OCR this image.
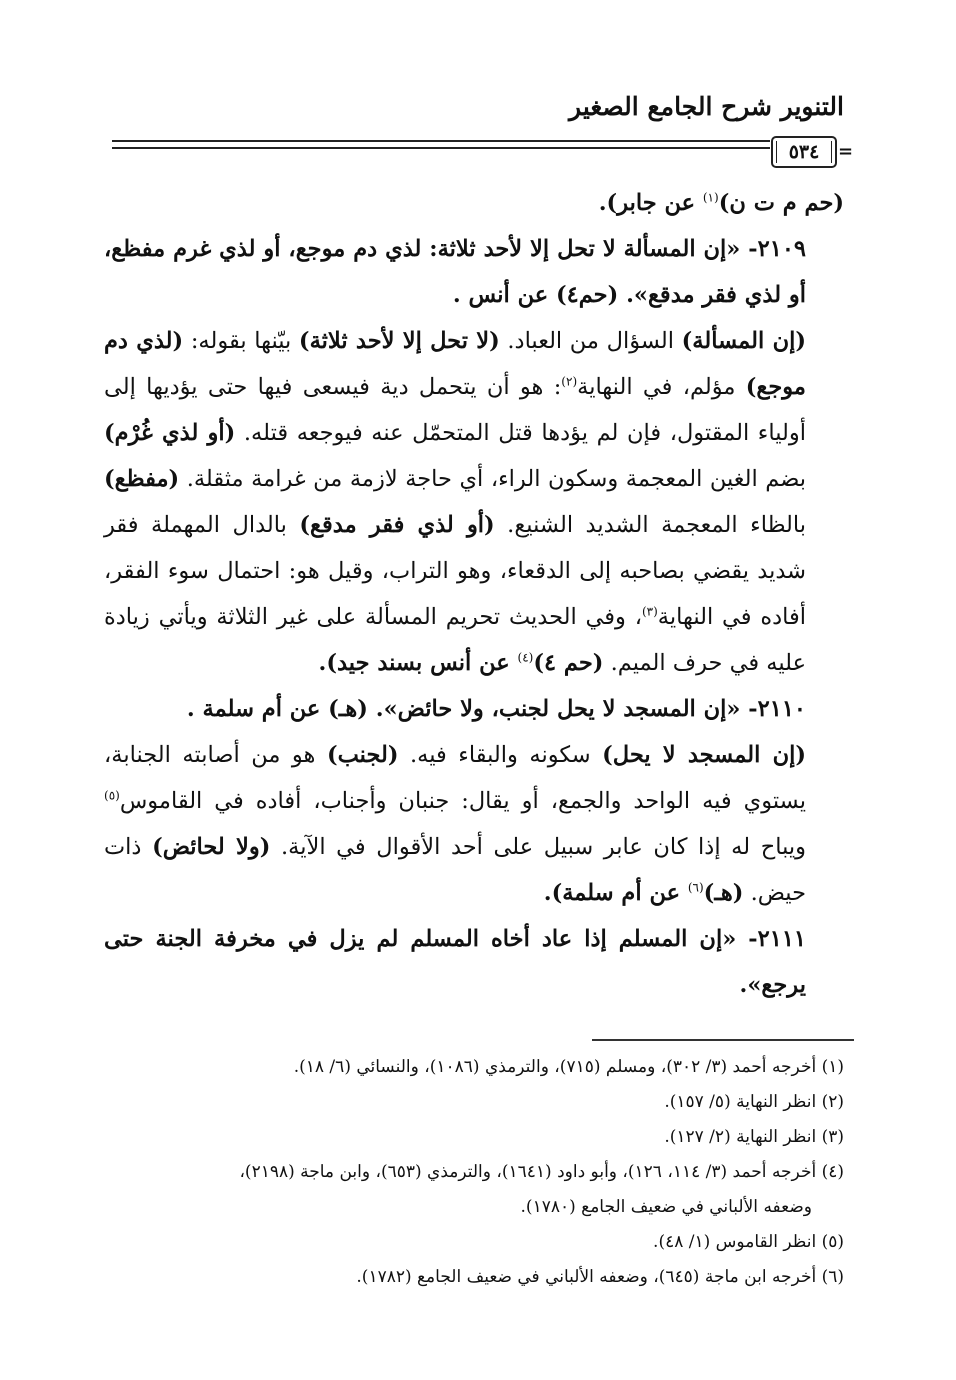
التنوير شرح الجامع الصغير
٥٣٤ =

(حم م ت ن)$^{(١)}$ عن جابر).

٢١٠٩- «إن المسألة لا تحل إلا لأحد ثلاثة: لذي دم موجع، أو لذي غرم مفظع، أو لذي فقر مدقع». (حم٤) عن أنس .

(إن المسألة) السؤال من العباد. (لا تحل إلا لأحد ثلاثة) بيّنها بقوله: (لذي دم موجع) مؤلم، في النهاية$^{(٢)}$: هو أن يتحمل دية فيسعى فيها حتى يؤديها إلى أولياء المقتول، فإن لم يؤدها قتل المتحمّل عنه فيوجعه قتله. (أو لذي غُرْم) بضم الغين المعجمة وسكون الراء، أي حاجة لازمة من غرامة مثقلة. (مفظع) بالظاء المعجمة الشديد الشنيع. (أو لذي فقر مدقع) بالدال المهملة فقر شديد يقضي بصاحبه إلى الدقعاء، وهو التراب، وقيل هو: احتمال سوء الفقر، أفاده في النهاية$^{(٣)}$، وفي الحديث تحريم المسألة على غير الثلاثة ويأتي زيادة عليه في حرف الميم. (حم ٤)$^{(٤)}$ عن أنس بسند جيد).

٢١١٠- «إن المسجد لا يحل لجنب، ولا حائض». (هـ) عن أم سلمة .

(إن المسجد لا يحل) سكونه والبقاء فيه. (لجنب) هو من أصابته الجنابة، يستوي فيه الواحد والجمع، أو يقال: جنبان وأجناب، أفاده في القاموس$^{(٥)}$ ويباح له إذا كان عابر سبيل على أحد الأقوال في الآية. (ولا لحائض) ذات حيض. (هـ)$^{(٦)}$ عن أم سلمة).

٢١١١- «إن المسلم إذا عاد أخاه المسلم لم يزل في مخرفة الجنة حتى يرجع».

(١) أخرجه أحمد (٣/ ٣٠٢)، ومسلم (٧١٥)، والترمذي (١٠٨٦)، والنسائي (٦/ ١٨).

(٢) انظر النهاية (٥/ ١٥٧).

(٣) انظر النهاية (٢/ ١٢٧).

(٤) أخرجه أحمد (٣/ ١١٤، ١٢٦)، وأبو داود (١٦٤١)، والترمذي (٦٥٣)، وابن ماجة (٢١٩٨)،

وضعفه الألباني في ضعيف الجامع (١٧٨٠).

(٥) انظر القاموس (١/ ٤٨).

(٦) أخرجه ابن ماجة (٦٤٥)، وضعفه الألباني في ضعيف الجامع (١٧٨٢).
